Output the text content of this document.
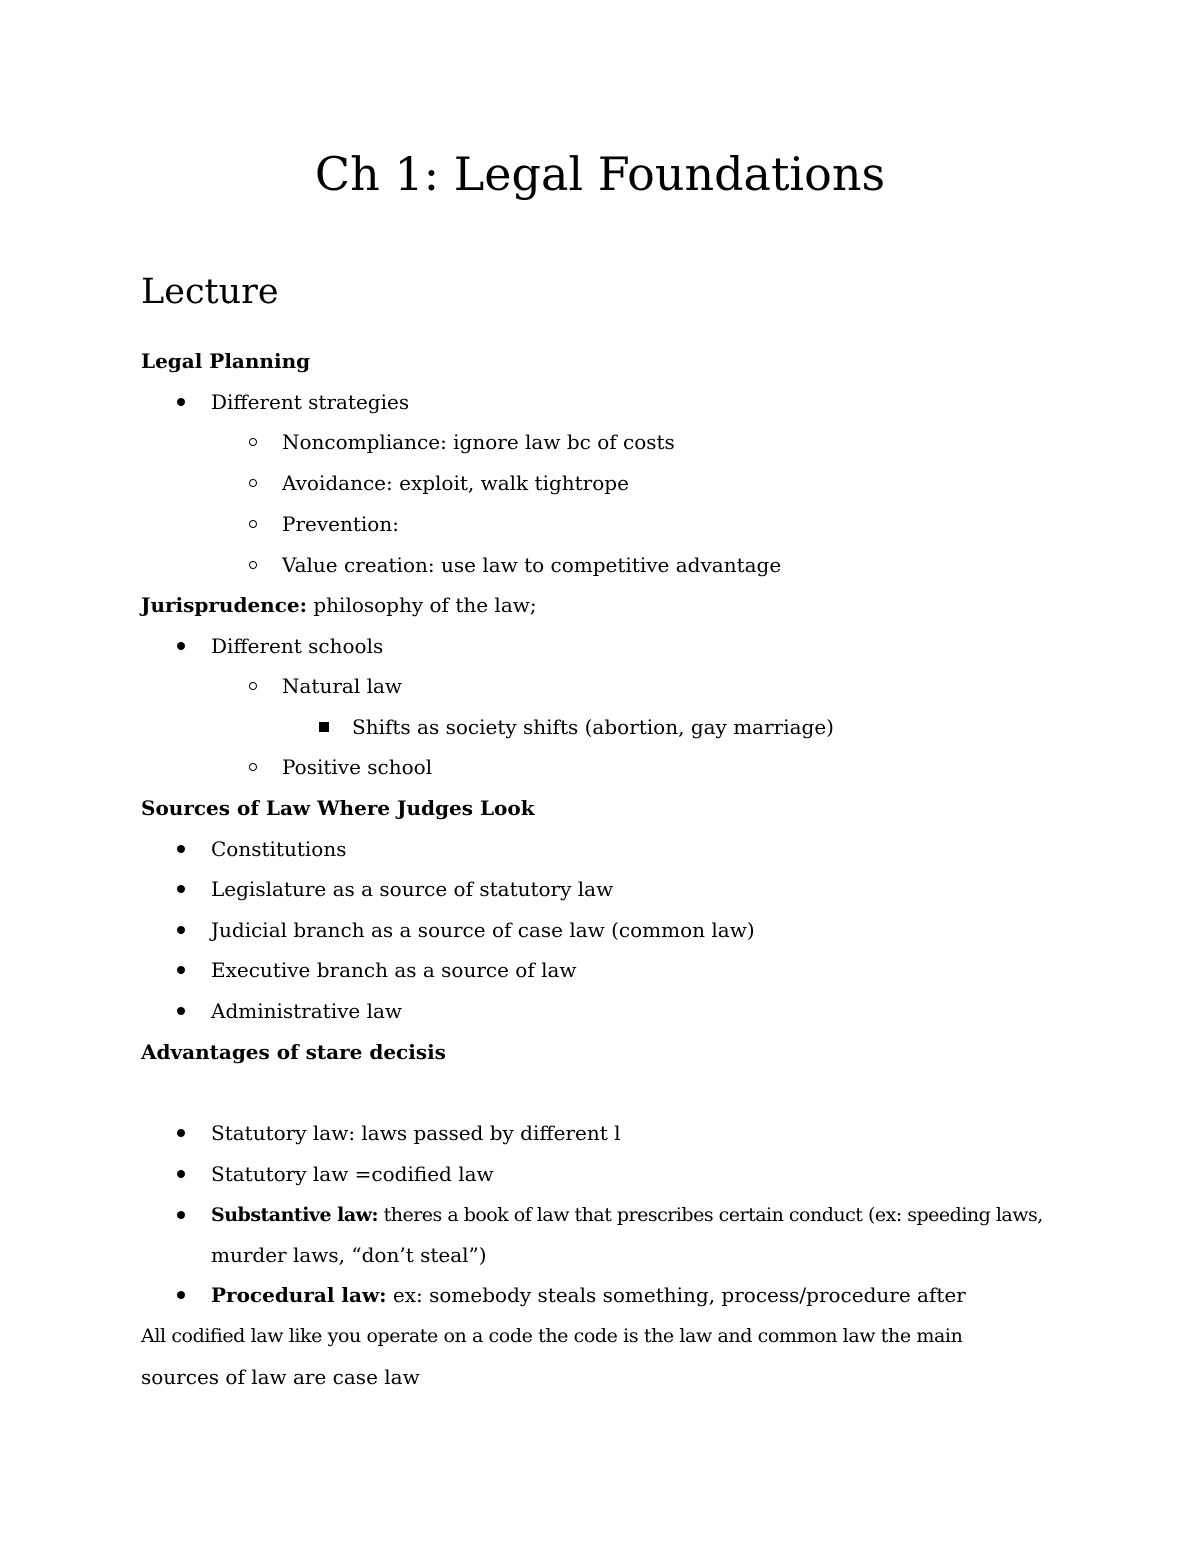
Ch 1: Legal Foundations
Lecture
Legal Planning
Different strategies
Noncompliance: ignore law bc of costs
Avoidance: exploit, walk tightrope
Prevention:
Value creation: use law to competitive advantage
Jurisprudence: philosophy of the law;
Different schools
Natural law
Shifts as society shifts (abortion, gay marriage)
Positive school
Sources of Law Where Judges Look
Constitutions
Legislature as a source of statutory law
Judicial branch as a source of case law (common law)
Executive branch as a source of law
Administrative law
Advantages of stare decisis
Statutory law: laws passed by different l
Statutory law =codified law
Substantive law: theres a book of law that prescribes certain conduct (ex: speeding laws,
murder laws, “don’t steal”)
Procedural law: ex: somebody steals something, process/procedure after
All codified law like you operate on a code the code is the law and common law the main
sources of law are case law
